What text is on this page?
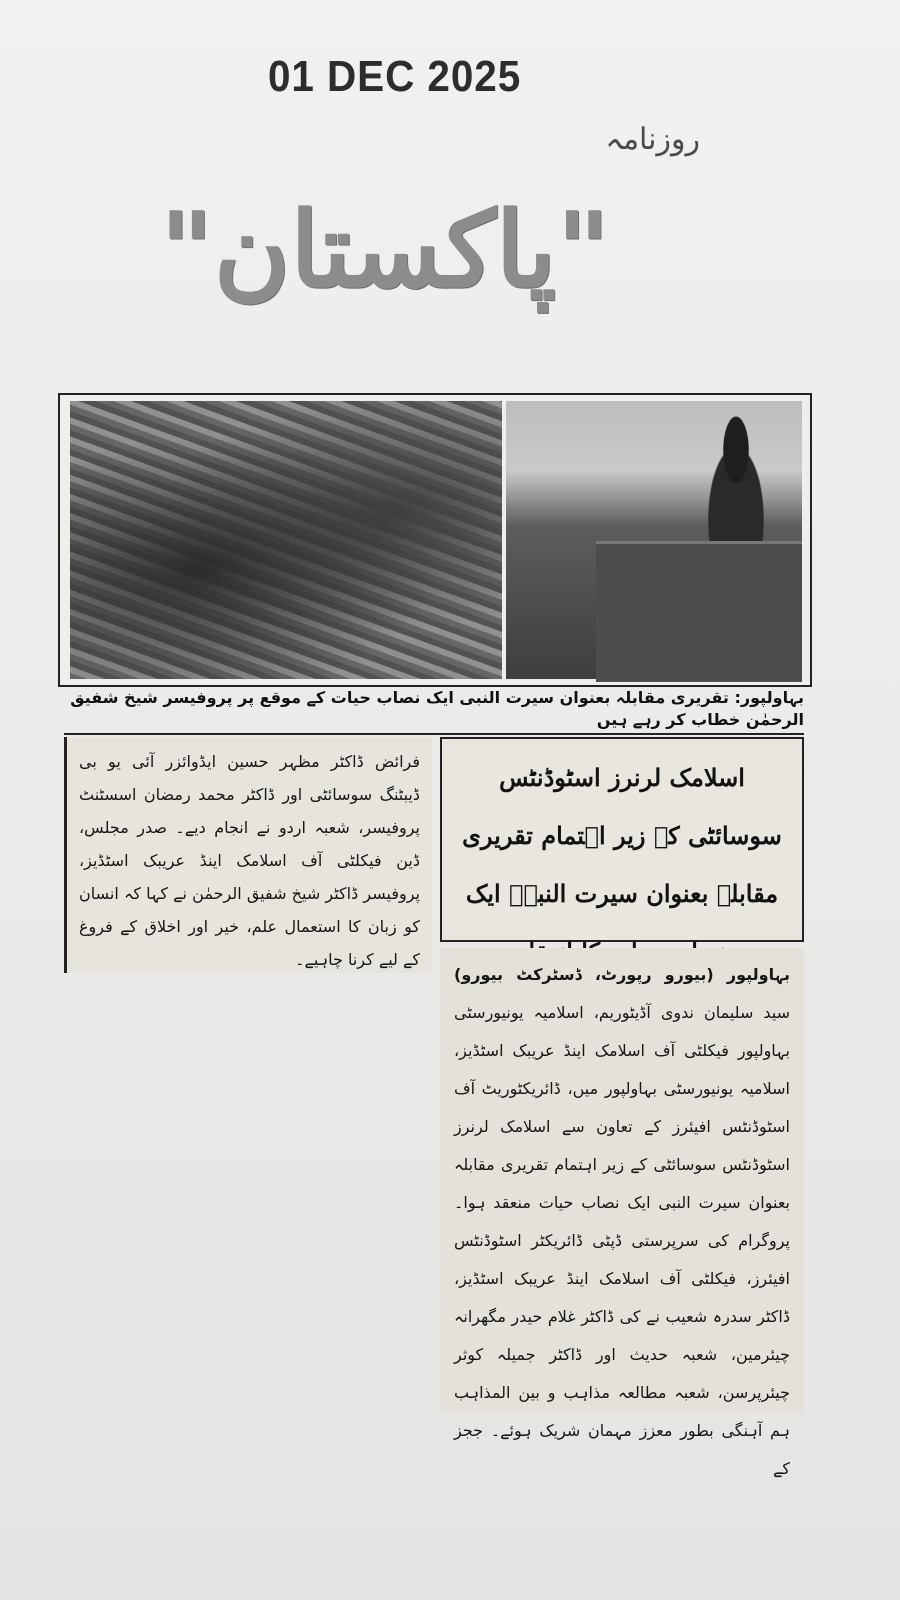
01 DEC 2025
روزنامہ
"پاکستان"
بہاولپور: تقریری مقابلہ بعنوان سیرت النبی ایک نصاب حیات کے موقع پر پروفیسر شیخ شفیق الرحمٰن خطاب کر رہے ہیں
فرائض ڈاکٹر مظہر حسین ایڈوائزر آئی یو بی ڈیبٹنگ سوسائٹی اور ڈاکٹر محمد رمضان اسسٹنٹ پروفیسر، شعبہ اردو نے انجام دیے۔ صدر مجلس، ڈین فیکلٹی آف اسلامک اینڈ عریبک اسٹڈیز، پروفیسر ڈاکٹر شیخ شفیق الرحمٰن نے کہا کہ انسان کو زبان کا استعمال علم، خیر اور اخلاق کے فروغ کے لیے کرنا چاہیے۔
اسلامک لرنرز اسٹوڈنٹس سوسائٹی کے زیر اہتمام تقریری مقابلہ بعنوان سیرت النبیؐ ایک
بہاولپور (بیورو رپورٹ، ڈسٹرکٹ بیورو) سید سلیمان ندوی آڈیٹوریم، اسلامیہ یونیورسٹی بہاولپور فیکلٹی آف اسلامک اینڈ عریبک اسٹڈیز، اسلامیہ یونیورسٹی بہاولپور میں، ڈائریکٹوریٹ آف اسٹوڈنٹس افیئرز کے تعاون سے اسلامک لرنرز اسٹوڈنٹس سوسائٹی کے زیر اہتمام تقریری مقابلہ بعنوان سیرت النبی ایک نصاب حیات منعقد ہوا۔ پروگرام کی سرپرستی ڈپٹی ڈائریکٹر اسٹوڈنٹس افیئرز، فیکلٹی آف اسلامک اینڈ عریبک اسٹڈیز، ڈاکٹر سدرہ شعیب نے کی ڈاکٹر غلام حیدر مگھرانہ چیئرمین، شعبہ حدیث اور ڈاکٹر جمیلہ کوثر چیئرپرسن، شعبہ مطالعہ مذاہب و بین المذاہب ہم آہنگی بطور معزز مہمان شریک ہوئے۔ ججز کے
